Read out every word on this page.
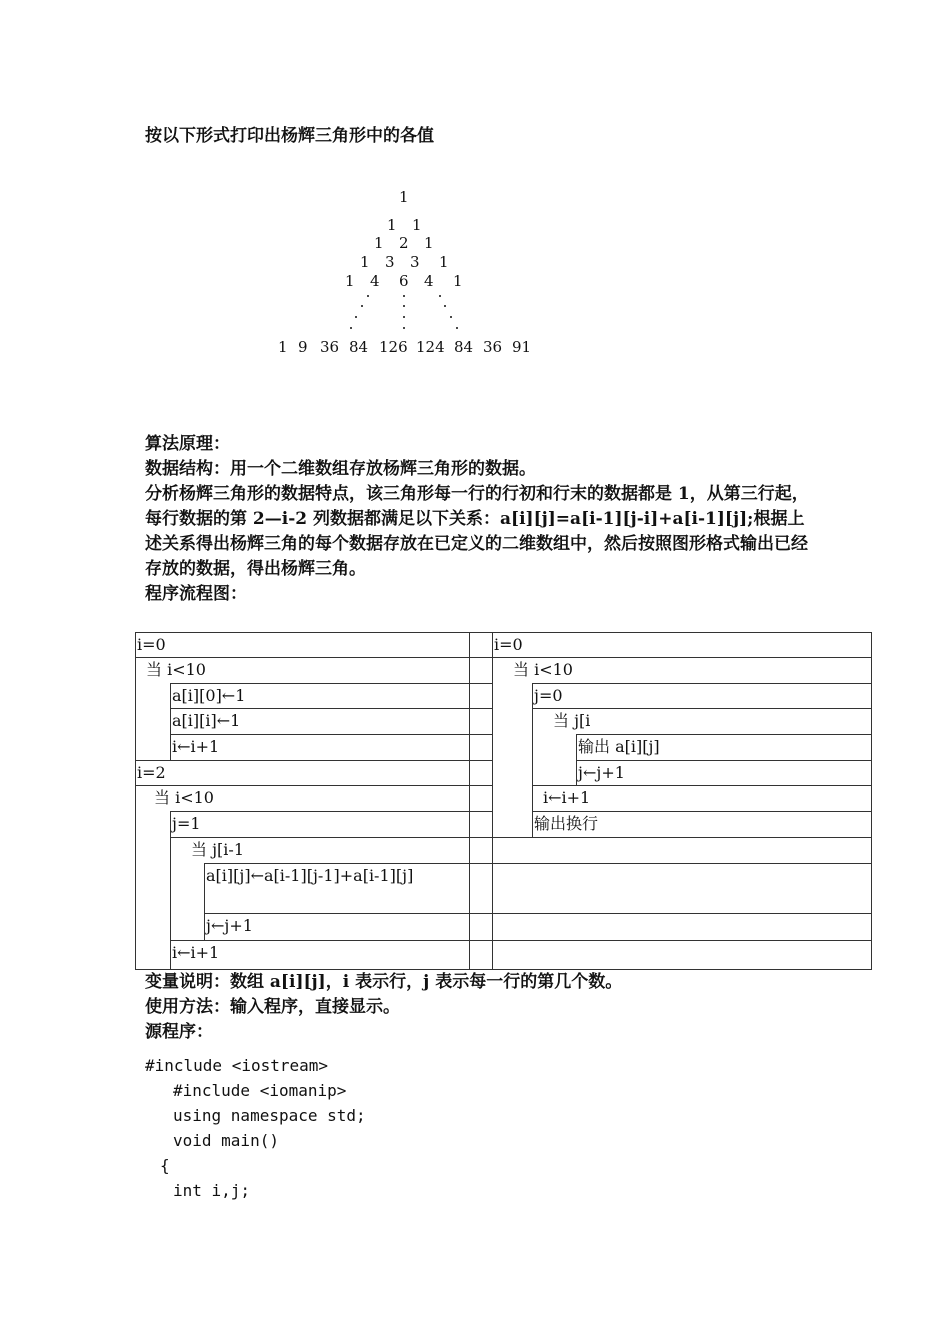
按以下形式打印出杨辉三角形中的各值
1
1 1
1 2 1
1 3 3 1
1 4 6 4 1
1 9 36 84 126 124 84 36 91
算法原理：
数据结构：用一个二维数组存放杨辉三角形的数据。
分析杨辉三角形的数据特点，该三角形每一行的行初和行末的数据都是 1，从第三行起，每行数据的第 2—i-2 列数据都满足以下关系：a[i][j]=a[i-1][j-i]+a[i-1][j];根据上述关系得出杨辉三角的每个数据存放在已定义的二维数组中，然后按照图形格式输出已经存放的数据，得出杨辉三角。
程序流程图：
i=0
当 i<10
a[i][0]←1
a[i][i]←1
i←i+1
i=2
当 i<10
j=1
当 j[i-1
a[i][j]←a[i-1][j-1]+a[i-1][j]
j←j+1
i←i+1
i=0
当 i<10
j=0
当 j[i
输出 a[i][j]
j←j+1
i←i+1
输出换行
变量说明：数组 a[i][j]，i 表示行，j 表示每一行的第几个数。
使用方法：输入程序，直接显示。
源程序：
#include <iostream>
#include <iomanip>
using namespace std;
void main()
{
int i,j;
